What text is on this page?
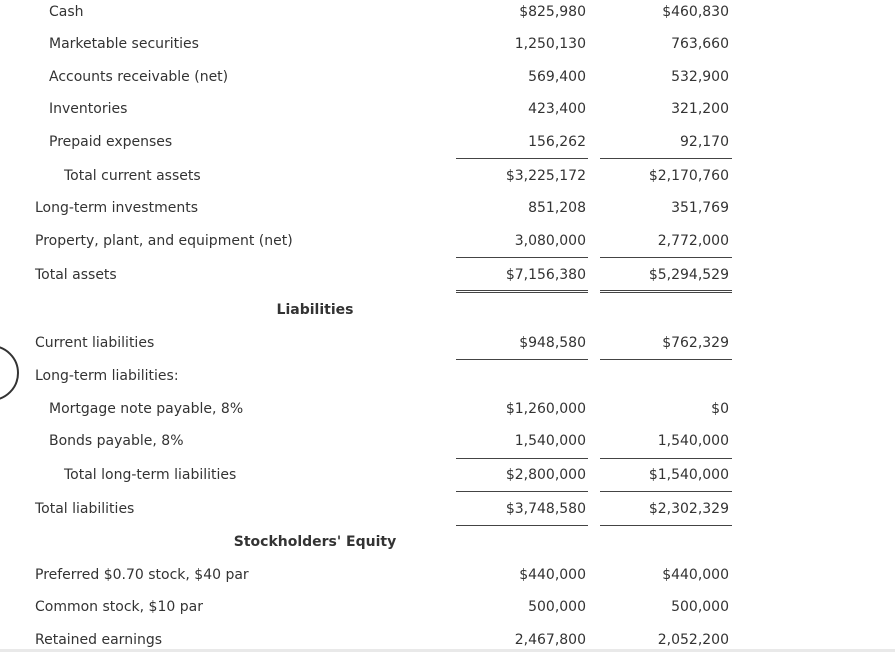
Cash	$825,980	$460,830
Marketable securities	1,250,130	763,660
Accounts receivable (net)	569,400	532,900
Inventories	423,400	321,200
Prepaid expenses	156,262	92,170
Total current assets	$3,225,172	$2,170,760
Long-term investments	851,208	351,769
Property, plant, and equipment (net)	3,080,000	2,772,000
Total assets	$7,156,380	$5,294,529
Liabilities
Current liabilities	$948,580	$762,329
Long-term liabilities:
Mortgage note payable, 8%	$1,260,000	$0
Bonds payable, 8%	1,540,000	1,540,000
Total long-term liabilities	$2,800,000	$1,540,000
Total liabilities	$3,748,580	$2,302,329
Stockholders' Equity
Preferred $0.70 stock, $40 par	$440,000	$440,000
Common stock, $10 par	500,000	500,000
Retained earnings	2,467,800	2,052,200
